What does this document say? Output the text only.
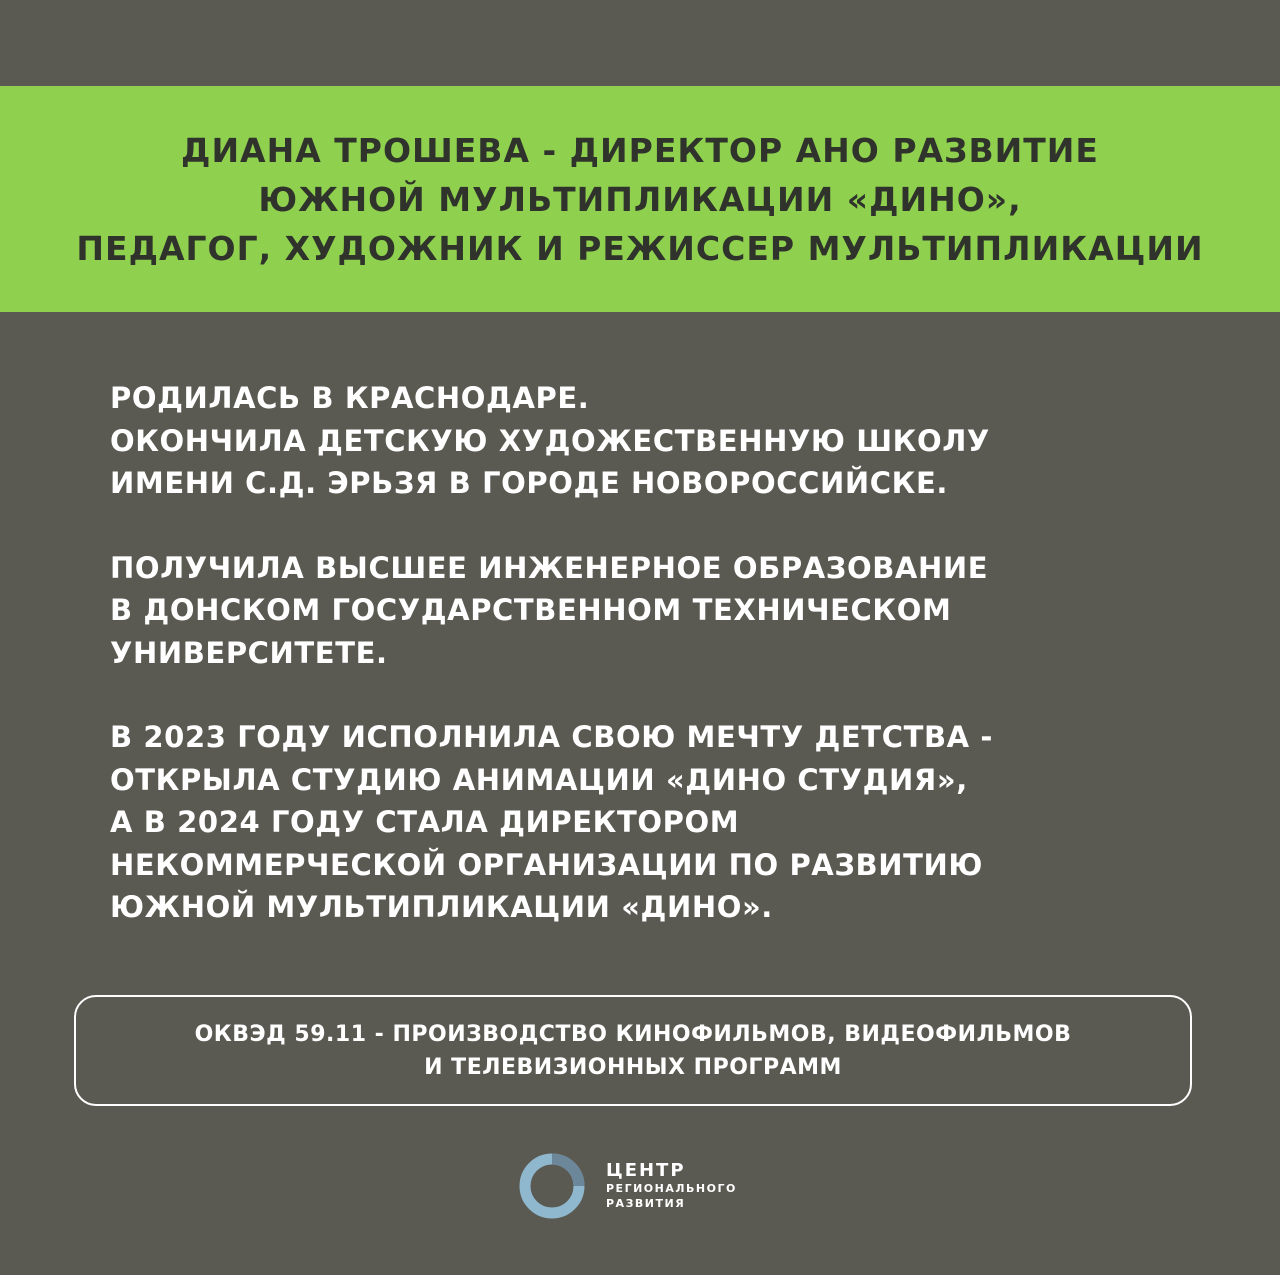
ДИАНА ТРОШЕВА - ДИРЕКТОР АНО РАЗВИТИЕ
ЮЖНОЙ МУЛЬТИПЛИКАЦИИ «ДИНО»,
ПЕДАГОГ, ХУДОЖНИК И РЕЖИССЕР МУЛЬТИПЛИКАЦИИ
РОДИЛАСЬ В КРАСНОДАРЕ.
ОКОНЧИЛА ДЕТСКУЮ ХУДОЖЕСТВЕННУЮ ШКОЛУ
ИМЕНИ С.Д. ЭРЬЗЯ В ГОРОДЕ НОВОРОССИЙСКЕ.
ПОЛУЧИЛА ВЫСШЕЕ ИНЖЕНЕРНОЕ ОБРАЗОВАНИЕ
В ДОНСКОМ ГОСУДАРСТВЕННОМ ТЕХНИЧЕСКОМ
УНИВЕРСИТЕТЕ.
В 2023 ГОДУ ИСПОЛНИЛА СВОЮ МЕЧТУ ДЕТСТВА -
ОТКРЫЛА СТУДИЮ АНИМАЦИИ «ДИНО СТУДИЯ»,
А В 2024 ГОДУ СТАЛА ДИРЕКТОРОМ
НЕКОММЕРЧЕСКОЙ ОРГАНИЗАЦИИ ПО РАЗВИТИЮ
ЮЖНОЙ МУЛЬТИПЛИКАЦИИ «ДИНО».
ОКВЭД 59.11 - ПРОИЗВОДСТВО КИНОФИЛЬМОВ, ВИДЕОФИЛЬМОВ
И ТЕЛЕВИЗИОННЫХ ПРОГРАММ
ЦЕНТР
РЕГИОНАЛЬНОГО
РАЗВИТИЯ
